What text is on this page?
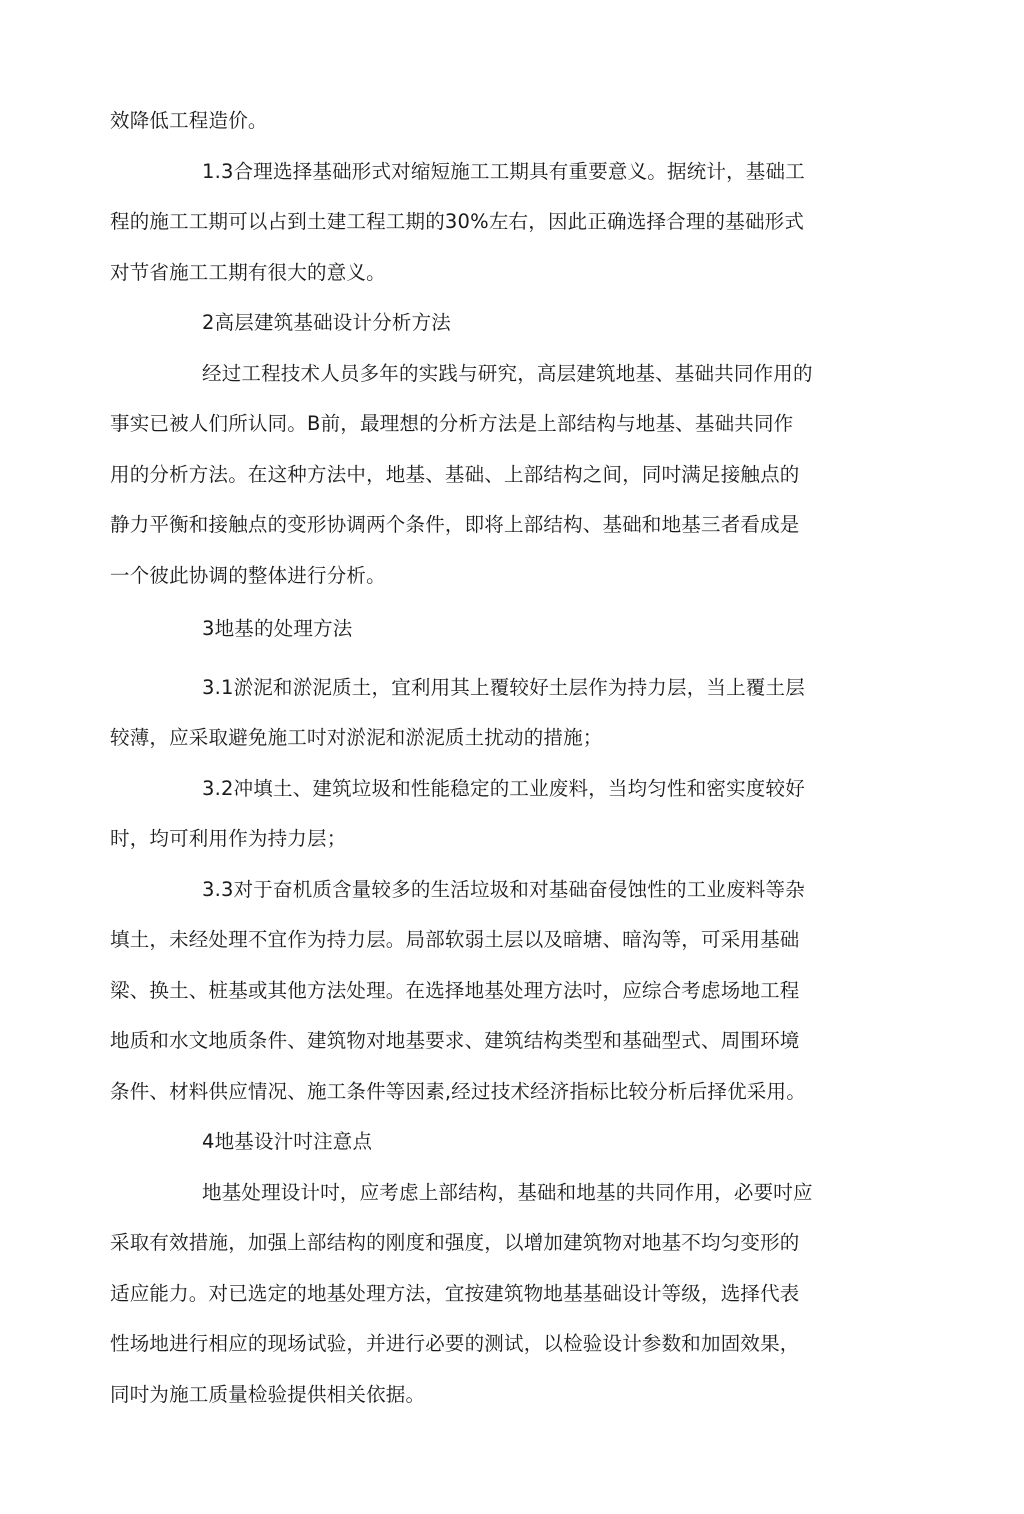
效降低工程造价。
1.3合理选择基础形式对缩短施工工期具有重要意义。据统计，基础工
程的施工工期可以占到土建工程工期的30%左右，因此正确选择合理的基础形式
对节省施工工期有很大的意义。
2高层建筑基础设计分析方法
经过工程技术人员多年的实践与研究，高层建筑地基、基础共同作用的
事实已被人们所认同。B前，最理想的分析方法是上部结构与地基、基础共同作
用的分析方法。在这种方法中，地基、基础、上部结构之间，同吋满足接触点的
静力平衡和接触点的变形协调两个条件，即将上部结构、基础和地基三者看成是
一个彼此协调的整体进行分析。
3地基的处理方法
3.1淤泥和淤泥质土，宜利用其上覆较好土层作为持力层，当上覆土层
较薄，应采取避免施工吋对淤泥和淤泥质土扰动的措施；
3.2冲填土、建筑垃圾和性能稳定的工业废料，当均匀性和密实度较好
时，均可利用作为持力层；
3.3对于奋机质含量较多的生活垃圾和对基础奋侵蚀性的工业废料等杂
填土，未经处理不宜作为持力层。局部软弱土层以及暗塘、暗沟等，可采用基础
梁、换土、桩基或其他方法处理。在选择地基处理方法吋，应综合考虑场地工程
地质和水文地质条件、建筑物对地基要求、建筑结构类型和基础型式、周围环境
条件、材料供应情况、施工条件等因素,经过技术经济指标比较分析后择优采用。
4地基设汁吋注意点
地基处理设计吋，应考虑上部结构，基础和地基的共同作用，必要吋应
采取有效措施，加强上部结构的刚度和强度，以增加建筑物对地基不均匀变形的
适应能力。对已选定的地基处理方法，宜按建筑物地基基础设计等级，选择代表
性场地进行相应的现场试验，并进行必要的测试，以检验设计参数和加固效果，
同吋为施工质量检验提供相关依据。
